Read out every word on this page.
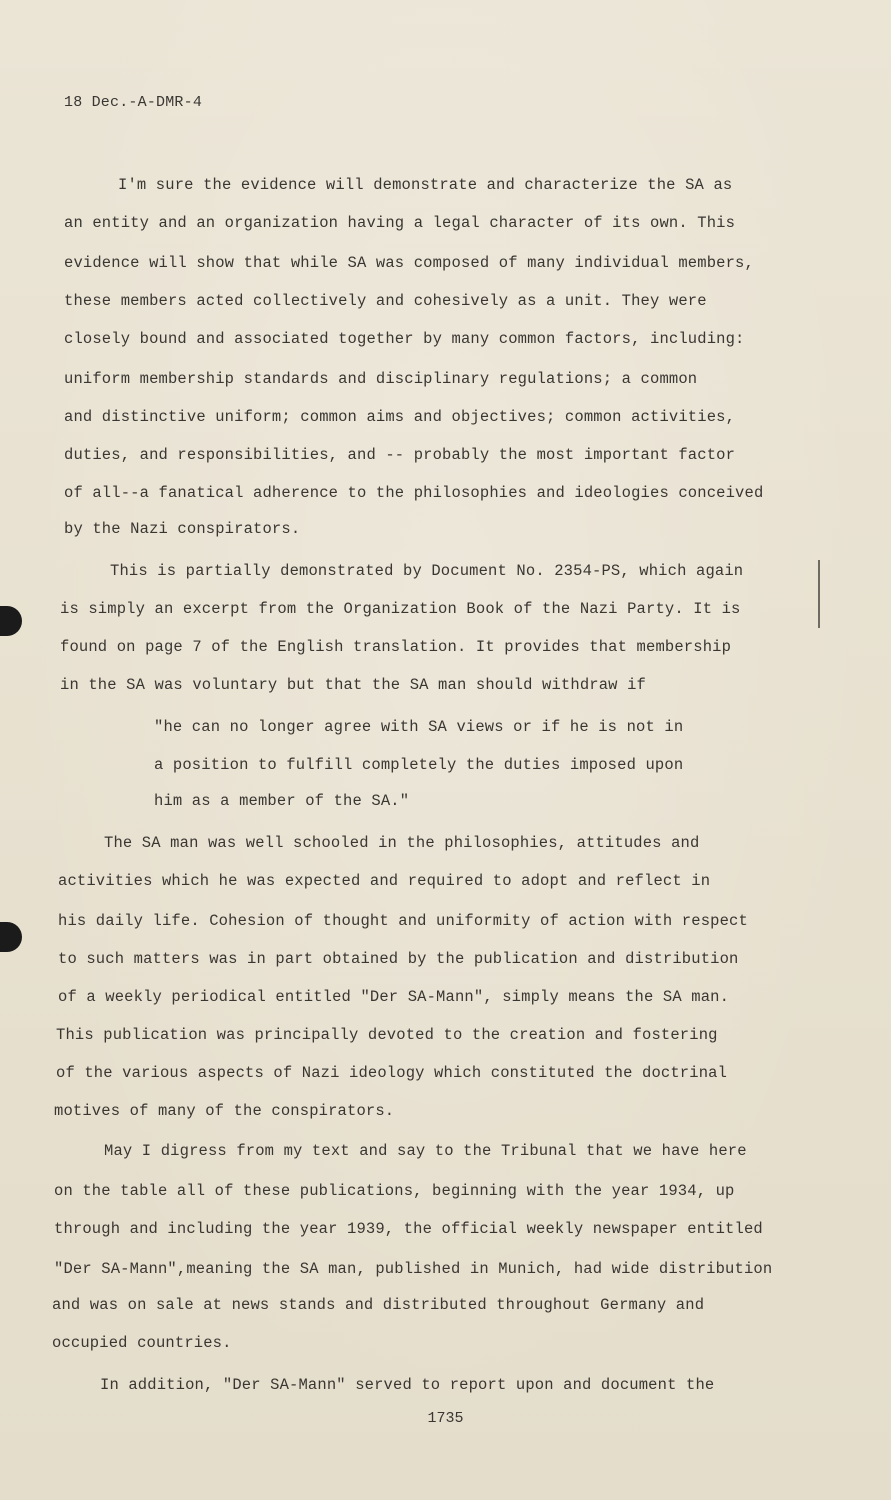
18 Dec.-A-DMR-4
I'm sure the evidence will demonstrate and characterize the SA as
an entity and an organization having a legal character of its own. This
evidence will show that while SA was composed of many individual members,
these members acted collectively and cohesively as a unit. They were
closely bound and associated together by many common factors, including:
uniform membership standards and disciplinary regulations; a common
and distinctive uniform; common aims and objectives; common activities,
duties, and responsibilities, and -- probably the most important factor
of all--a fanatical adherence to the philosophies and ideologies conceived
by the Nazi conspirators.
This is partially demonstrated by Document No. 2354-PS, which again
is simply an excerpt from the Organization Book of the Nazi Party. It is
found on page 7 of the English translation. It provides that membership
in the SA was voluntary but that the SA man should withdraw if
"he can no longer agree with SA views or if he is not in
a position to fulfill completely the duties imposed upon
him as a member of the SA."
The SA man was well schooled in the philosophies, attitudes and
activities which he was expected and required to adopt and reflect in
his daily life. Cohesion of thought and uniformity of action with respect
to such matters was in part obtained by the publication and distribution
of a weekly periodical entitled "Der SA-Mann", simply means the SA man.
This publication was principally devoted to the creation and fostering
of the various aspects of Nazi ideology which constituted the doctrinal
motives of many of the conspirators.
May I digress from my text and say to the Tribunal that we have here
on the table all of these publications, beginning with the year 1934, up
through and including the year 1939, the official weekly newspaper entitled
"Der SA-Mann",meaning the SA man, published in Munich, had wide distribution
and was on sale at news stands and distributed throughout Germany and
occupied countries.
In addition, "Der SA-Mann" served to report upon and document the
1735
